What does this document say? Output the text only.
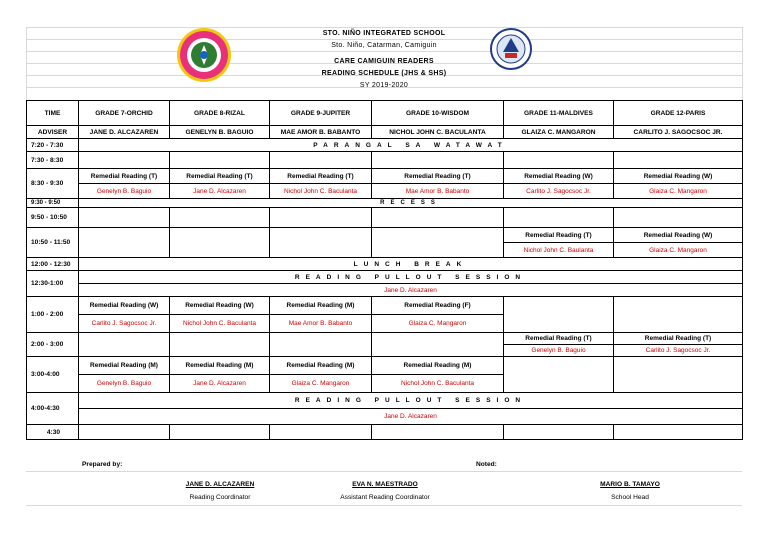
STO. NIÑO INTEGRATED SCHOOL
Sto. Niño, Catarman, Camiguin
CARE CAMIGUIN READERS
READING SCHEDULE (JHS & SHS)
SY 2019-2020
TIME	GRADE 7-ORCHID	GRADE 8-RIZAL	GRADE 9-JUPITER	GRADE 10-WISDOM	GRADE 11-MALDIVES	GRADE 12-PARIS
ADVISER	JANE D. ALCAZAREN	GENELYN B. BAGUIO	MAE AMOR B. BABANTO	NICHOL JOHN C. BACULANTA	GLAIZA C. MANGARON	CARLITO J. SAGOCSOC JR.
7:20 - 7:30	PARANGAL SA WATAWAT					
7:30 - 8:30						
8:30 - 9:30	Remedial Reading (T)	Remedial Reading (T)	Remedial Reading (T)	Remedial Reading (T)	Remedial Reading (W)	Remedial Reading (W)
	Genelyn B. Baguio	Jane D. Alcazaren	Nichol John C. Baculanta	Mae Amor B. Babanto	Carlito J. Sagocsoc Jr.	Glaiza C. Mangaron
9:30 - 9:50	RECESS					
9:50 - 10:50						
10:50 - 11:50					Remedial Reading (T)	Remedial Reading (W)
					Nichol John C. Baulanta	Glaiza C. Mangaron
12:00 - 12:30	LUNCH BREAK					
12:30-1:00	READING PULLOUT SESSION					
	Jane D. Alcazaren					
1:00 - 2:00	Remedial Reading (W)	Remedial Reading (W)	Remedial Reading (M)	Remedial Reading (F)		
	Carlito J. Sagocsoc Jr.	Nichol John C. Baculanta	Mae Amor B. Babanto	Glaiza C. Mangaron		
2:00 - 3:00					Remedial Reading (T)	Remedial Reading (T)
					Genelyn B. Baguio	Carlito J. Sagocsoc Jr.
3:00-4:00	Remedial Reading (M)	Remedial Reading (M)	Remedial Reading (M)	Remedial Reading (M)		
	Genelyn B. Baguio	Jane D. Alcazaren	Glaiza C. Mangaron	Nichol John C. Baculanta		
4:00-4:30	READING PULLOUT SESSION					
	Jane D. Alcazaren					
4:30						
Prepared by:	Noted:
JANE D. ALCAZAREN
Reading Coordinator
EVA N. MAESTRADO
Assistant Reading Coordinator
MARIO B. TAMAYO
School Head
